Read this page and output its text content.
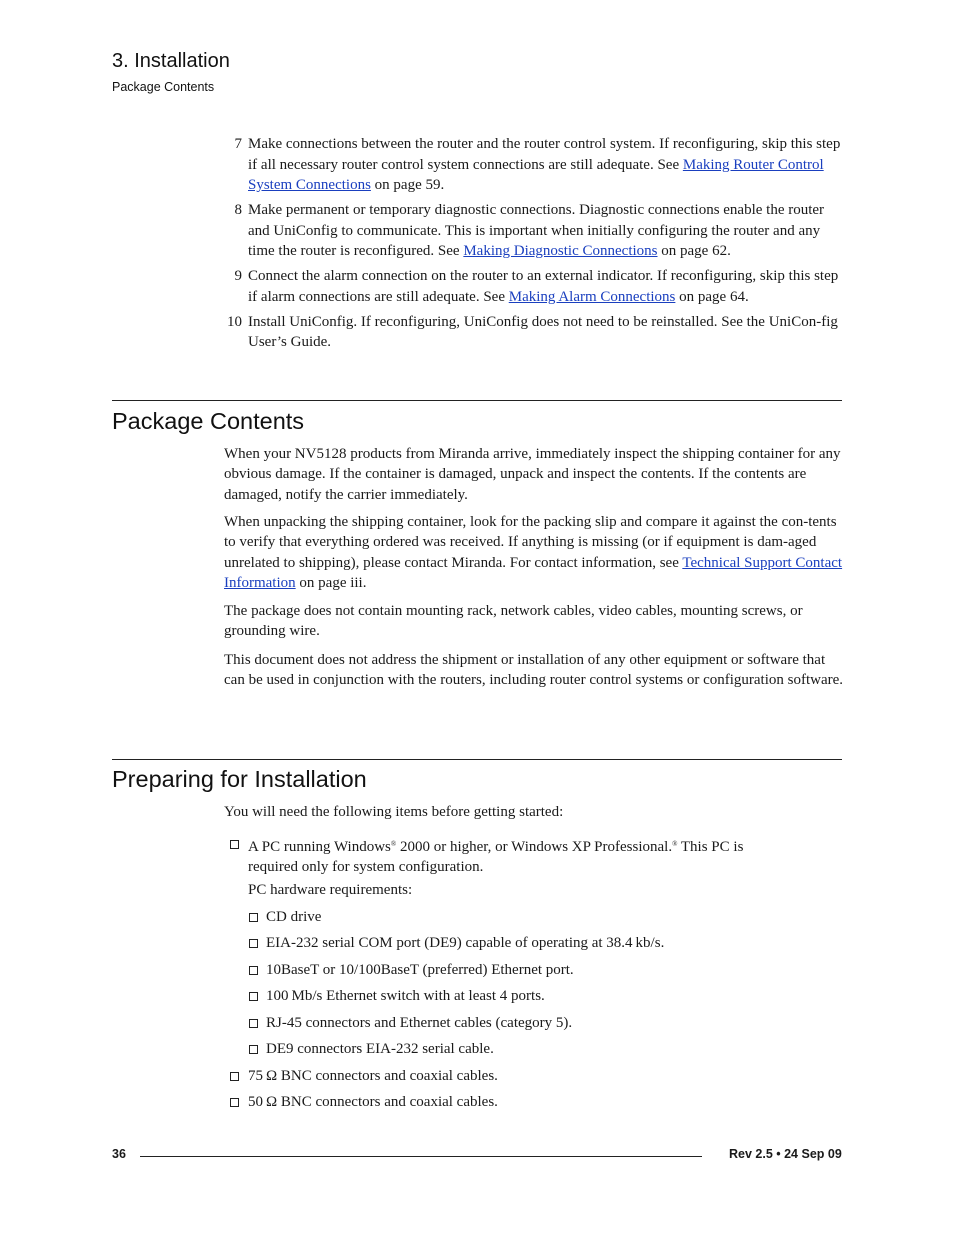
3. Installation
Package Contents
7 Make connections between the router and the router control system. If reconfiguring, skip this step if all necessary router control system connections are still adequate. See Making Router Control System Connections on page 59.
8 Make permanent or temporary diagnostic connections. Diagnostic connections enable the router and UniConfig to communicate. This is important when initially configuring the router and any time the router is reconfigured. See Making Diagnostic Connections on page 62.
9 Connect the alarm connection on the router to an external indicator. If reconfiguring, skip this step if alarm connections are still adequate. See Making Alarm Connections on page 64.
10 Install UniConfig. If reconfiguring, UniConfig does not need to be reinstalled. See the UniCon-fig User’s Guide.
Package Contents
When your NV5128 products from Miranda arrive, immediately inspect the shipping container for any obvious damage. If the container is damaged, unpack and inspect the contents. If the contents are damaged, notify the carrier immediately.
When unpacking the shipping container, look for the packing slip and compare it against the con-tents to verify that everything ordered was received. If anything is missing (or if equipment is dam-aged unrelated to shipping), please contact Miranda. For contact information, see Technical Support Contact Information on page iii.
The package does not contain mounting rack, network cables, video cables, mounting screws, or grounding wire.
This document does not address the shipment or installation of any other equipment or software that can be used in conjunction with the routers, including router control systems or configuration software.
Preparing for Installation
You will need the following items before getting started:
A PC running Windows® 2000 or higher, or Windows XP Professional.® This PC is
required only for system configuration.
PC hardware requirements:
CD drive
EIA-232 serial COM port (DE9) capable of operating at 38.4 kb/s.
10BaseT or 10/100BaseT (preferred) Ethernet port.
100 Mb/s Ethernet switch with at least 4 ports.
RJ-45 connectors and Ethernet cables (category 5).
DE9 connectors EIA-232 serial cable.
75 Ω BNC connectors and coaxial cables.
50 Ω BNC connectors and coaxial cables.
36	Rev 2.5 • 24 Sep 09
